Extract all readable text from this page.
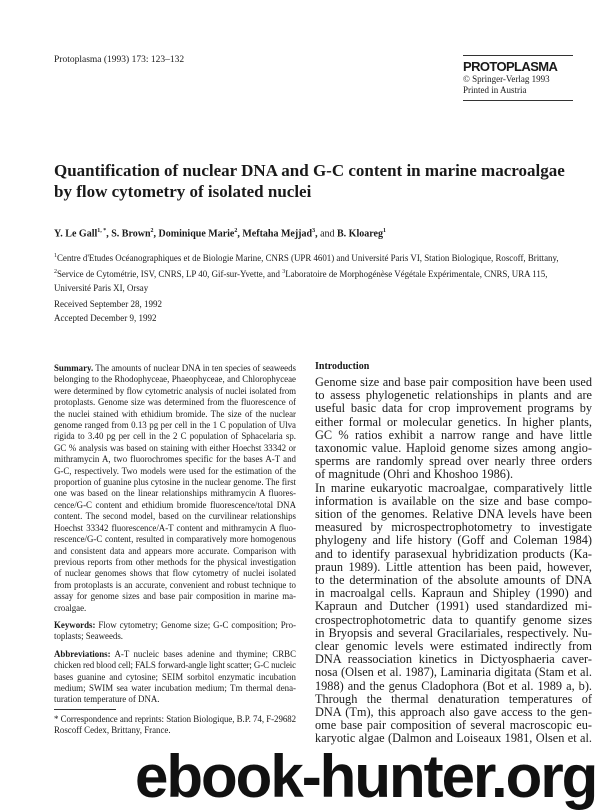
Protoplasma (1993) 173: 123–132	PROTOPLASMA
© Springer-Verlag 1993
Printed in Austria
Quantification of nuclear DNA and G-C content in marine macroalgae
by flow cytometry of isolated nuclei
Y. Le Gall$^{1, *}$, S. Brown$^2$, Dominique Marie$^2$, Meftaha Mejjad$^3$, and B. Kloareg$^1$
$^1$Centre d'Etudes Océanographiques et de Biologie Marine, CNRS (UPR 4601) and Université Paris VI, Station Biologique, Roscoff, Brittany,
$^2$Service de Cytométrie, ISV, CNRS, LP 40, Gif-sur-Yvette, and $^3$Laboratoire de Morphogénèse Végétale Expérimentale, CNRS, URA 115,
Université Paris XI, Orsay
Received September 28, 1992
Accepted December 9, 1992
Summary. The amounts of nuclear DNA in ten species of seaweeds
belonging to the Rhodophyceae, Phaeophyceae, and Chlorophyceae
were determined by flow cytometric analysis of nuclei isolated from
protoplasts. Genome size was determined from the fluorescence of
the nuclei stained with ethidium bromide. The size of the nuclear
genome ranged from 0.13 pg per cell in the 1 C population of Ulva
rigida to 3.40 pg per cell in the 2 C population of Sphacelaria sp.
GC % analysis was based on staining with either Hoechst 33342 or
mithramycin A, two fluorochromes specific for the bases A-T and
G-C, respectively. Two models were used for the estimation of the
proportion of guanine plus cytosine in the nuclear genome. The first
one was based on the linear relationships mithramycin A fluores-
cence/G-C content and ethidium bromide fluorescence/total DNA
content. The second model, based on the curvilinear relationships
Hoechst 33342 fluorescence/A-T content and mithramycin A fluo-
rescence/G-C content, resulted in comparatively more homogenous
and consistent data and appears more accurate. Comparison with
previous reports from other methods for the physical investigation
of nuclear genomes shows that flow cytometry of nuclei isolated
from protoplasts is an accurate, convenient and robust technique to
assay for genome sizes and base pair composition in marine ma-
croalgae.
Keywords: Flow cytometry; Genome size; G-C composition; Pro-
toplasts; Seaweeds.
Abbreviations: A-T nucleic bases adenine and thymine; CRBC
chicken red blood cell; FALS forward-angle light scatter; G-C nucleic
bases guanine and cytosine; SEIM sorbitol enzymatic incubation
medium; SWIM sea water incubation medium; Tm thermal dena-
turation temperature of DNA.
* Correspondence and reprints: Station Biologique, B.P. 74, F-29682
Roscoff Cedex, Brittany, France.
Introduction
Genome size and base pair composition have been used
to assess phylogenetic relationships in plants and are
useful basic data for crop improvement programs by
either formal or molecular genetics. In higher plants,
GC % ratios exhibit a narrow range and have little
taxonomic value. Haploid genome sizes among angio-
sperms are randomly spread over nearly three orders
of magnitude (Ohri and Khoshoo 1986).
In marine eukaryotic macroalgae, comparatively little
information is available on the size and base compo-
sition of the genomes. Relative DNA levels have been
measured by microspectrophotometry to investigate
phylogeny and life history (Goff and Coleman 1984)
and to identify parasexual hybridization products (Ka-
praun 1989). Little attention has been paid, however,
to the determination of the absolute amounts of DNA
in macroalgal cells. Kapraun and Shipley (1990) and
Kapraun and Dutcher (1991) used standardized mi-
crospectrophotometric data to quantify genome sizes
in Bryopsis and several Gracilariales, respectively. Nu-
clear genomic levels were estimated indirectly from
DNA reassociation kinetics in Dictyosphaeria caver-
nosa (Olsen et al. 1987), Laminaria digitata (Stam et al.
1988) and the genus Cladophora (Bot et al. 1989 a, b).
Through the thermal denaturation temperatures of
DNA (Tm), this approach also gave access to the gen-
ome base pair composition of several macroscopic eu-
karyotic algae (Dalmon and Loiseaux 1981, Olsen et al.
ebook-hunter.org
